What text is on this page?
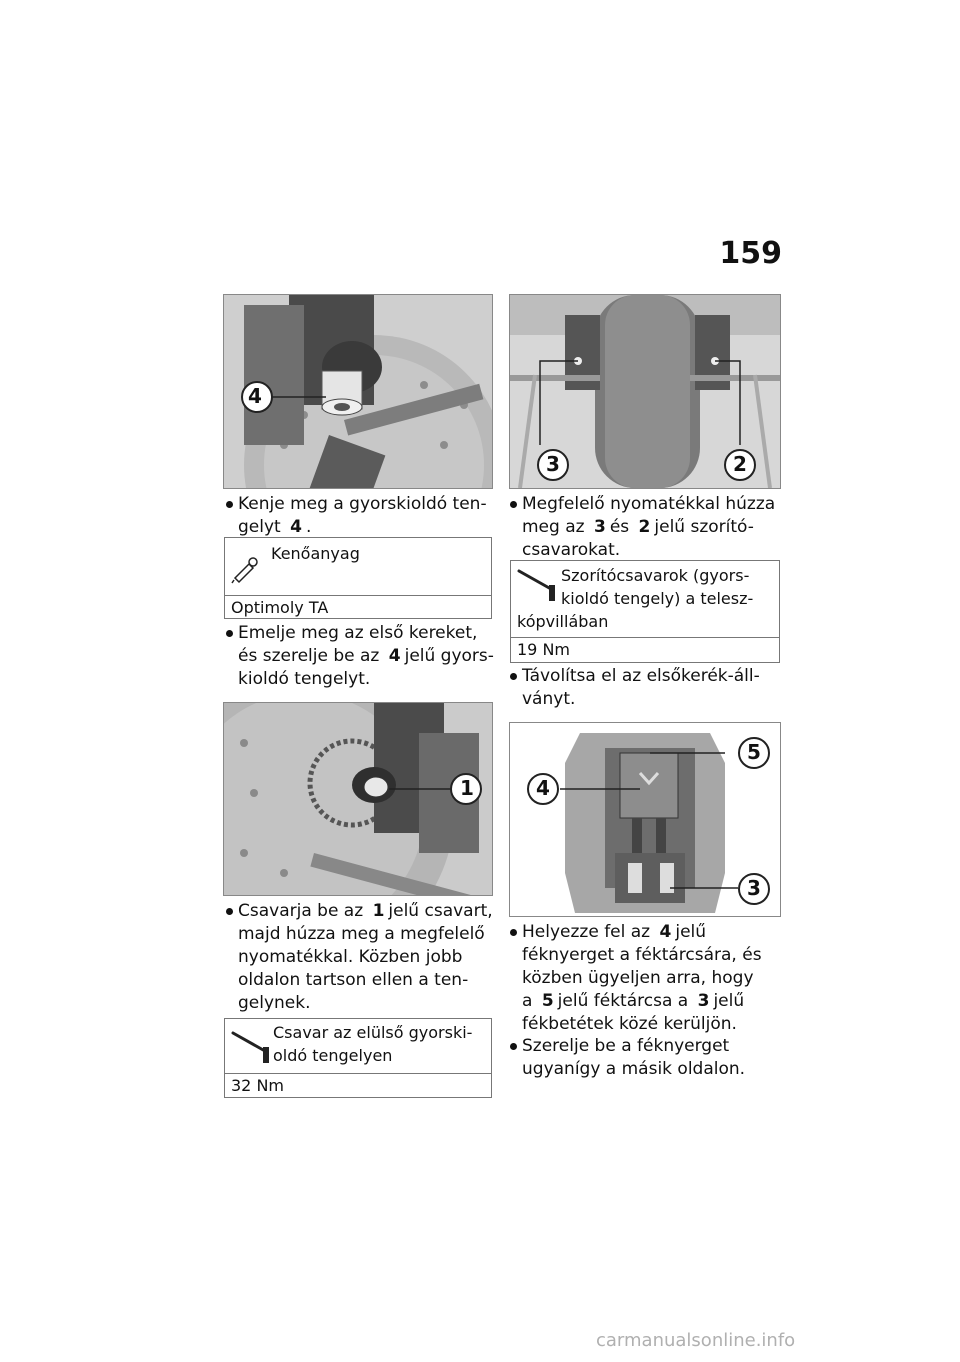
159
4
Kenje meg a gyorskioldó ten-
gelyt 4 .
Kenőanyag
Optimoly TA
Emelje meg az első kereket,
és szerelje be az 4 jelű gyors-
kioldó tengelyt.
1
Csavarja be az 1 jelű csavart,
majd húzza meg a megfelelő
nyomatékkal. Közben jobb
oldalon tartson ellen a ten-
gelynek.
Csavar az elülső gyorski-
oldó tengelyen
32 Nm
3	2
Megfelelő nyomatékkal húzza
meg az 3 és 2 jelű szorító-
csavarokat.
Szorítócsavarok (gyors-
kioldó tengely) a telesz-
kópvillában
19 Nm
Távolítsa el az elsőkerék-áll-
ványt.
4
5
3
Helyezze fel az 4 jelű
féknyerget a féktárcsára, és
közben ügyeljen arra, hogy
a 5 jelű féktárcsa a 3 jelű
fékbetétek közé kerüljön.
Szerelje be a féknyerget
ugyanígy a másik oldalon.
carmanualsonline.info
